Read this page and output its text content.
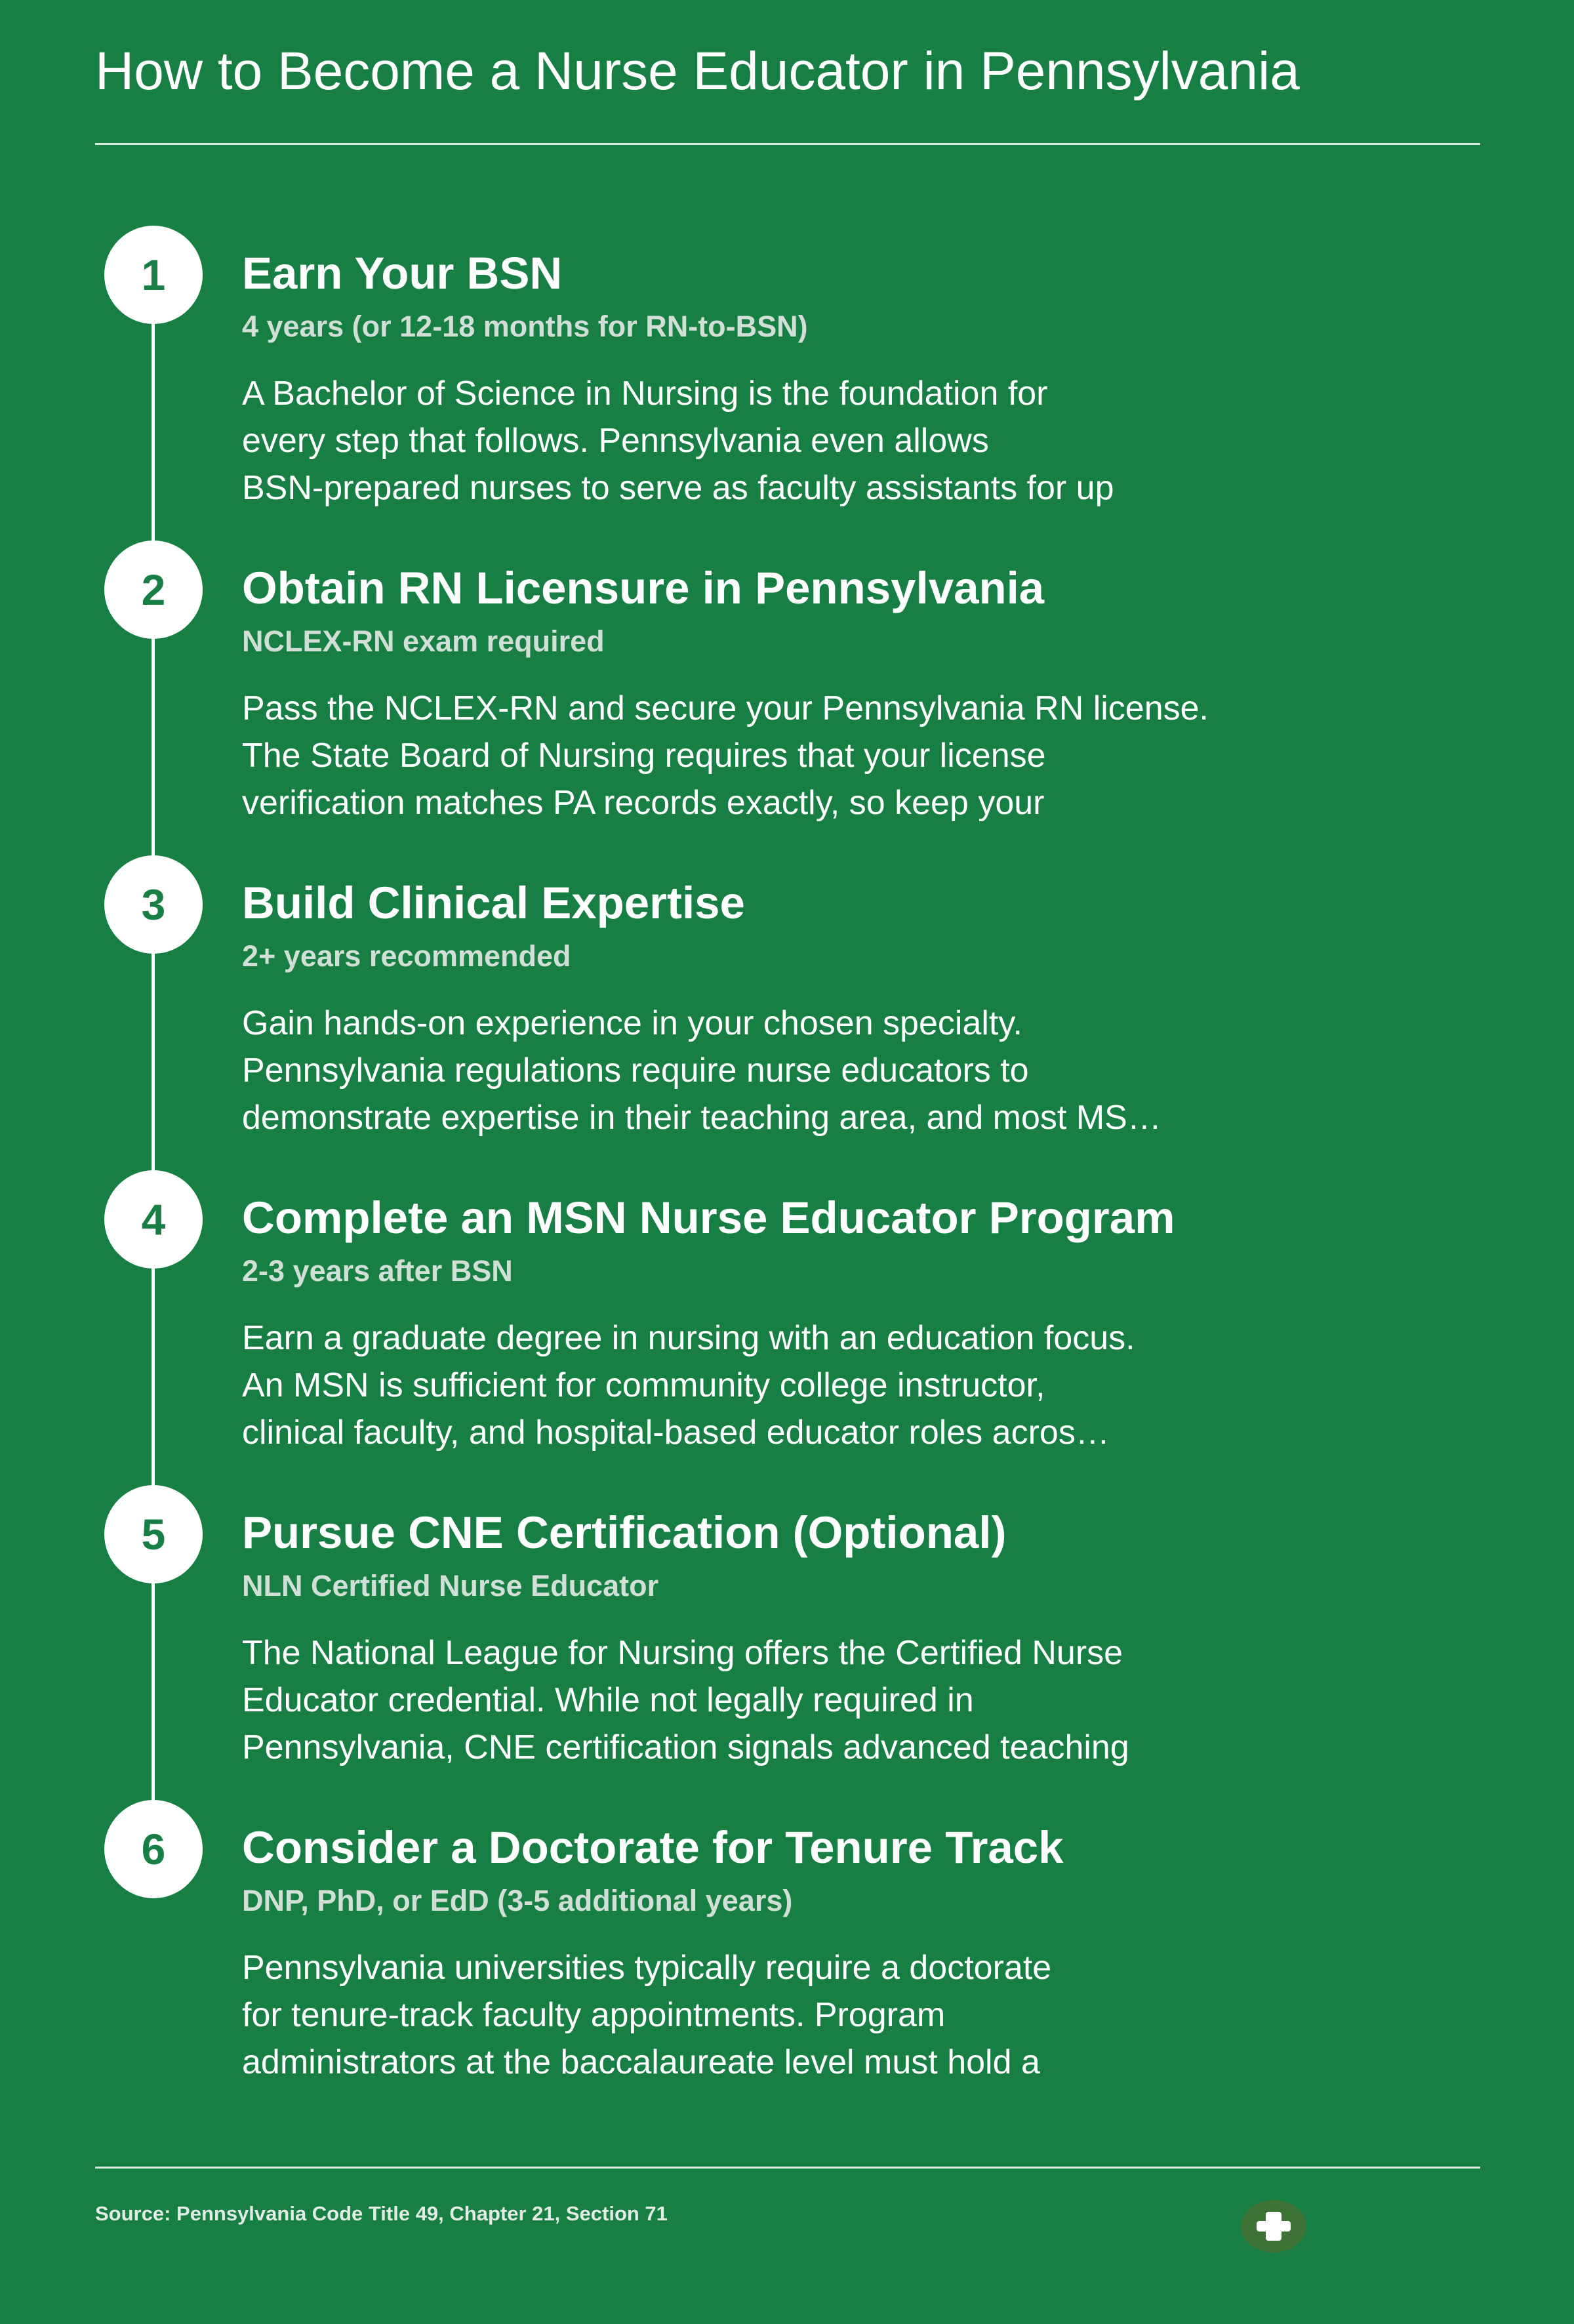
How to Become a Nurse Educator in Pennsylvania
1	Earn Your BSN
4 years (or 12-18 months for RN-to-BSN)
A Bachelor of Science in Nursing is the foundation for
every step that follows. Pennsylvania even allows
BSN-prepared nurses to serve as faculty assistants for up
2	Obtain RN Licensure in Pennsylvania
NCLEX-RN exam required
Pass the NCLEX-RN and secure your Pennsylvania RN license.
The State Board of Nursing requires that your license
verification matches PA records exactly, so keep your
3	Build Clinical Expertise
2+ years recommended
Gain hands-on experience in your chosen specialty.
Pennsylvania regulations require nurse educators to
demonstrate expertise in their teaching area, and most MS…
4	Complete an MSN Nurse Educator Program
2-3 years after BSN
Earn a graduate degree in nursing with an education focus.
An MSN is sufficient for community college instructor,
clinical faculty, and hospital-based educator roles acros…
5	Pursue CNE Certification (Optional)
NLN Certified Nurse Educator
The National League for Nursing offers the Certified Nurse
Educator credential. While not legally required in
Pennsylvania, CNE certification signals advanced teaching
6	Consider a Doctorate for Tenure Track
DNP, PhD, or EdD (3-5 additional years)
Pennsylvania universities typically require a doctorate
for tenure-track faculty appointments. Program
administrators at the baccalaureate level must hold a
Source: Pennsylvania Code Title 49, Chapter 21, Section 71
